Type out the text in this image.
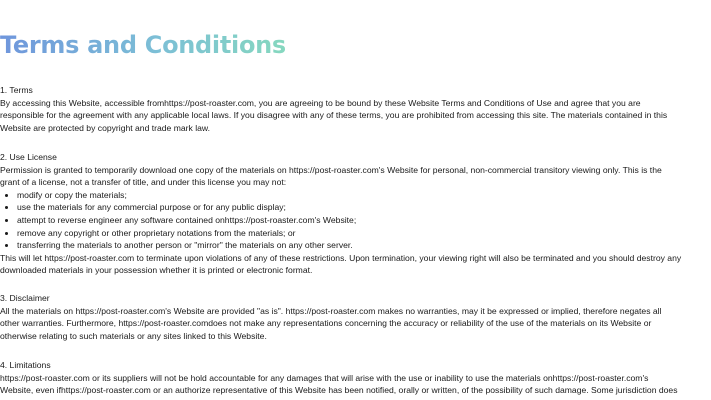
Terms and Conditions

1. Terms

By accessing this Website, accessible fromhttps://post-roaster.com, you are agreeing to be bound by these Website Terms and Conditions of Use and agree that you are

responsible for the agreement with any applicable local laws. If you disagree with any of these terms, you are prohibited from accessing this site. The materials contained in this

Website are protected by copyright and trade mark law.

2. Use License

Permission is granted to temporarily download one copy of the materials on https://post-roaster.com's Website for personal, non-commercial transitory viewing only. This is the

grant of a license, not a transfer of title, and under this license you may not:

• modify or copy the materials;
• use the materials for any commercial purpose or for any public display;
• attempt to reverse engineer any software contained onhttps://post-roaster.com's Website;
• remove any copyright or other proprietary notations from the materials; or
• transferring the materials to another person or "mirror" the materials on any other server.

This will let https://post-roaster.com to terminate upon violations of any of these restrictions. Upon termination, your viewing right will also be terminated and you should destroy any

downloaded materials in your possession whether it is printed or electronic format.

3. Disclaimer

All the materials on https://post-roaster.com's Website are provided "as is". https://post-roaster.com makes no warranties, may it be expressed or implied, therefore negates all

other warranties. Furthermore, https://post-roaster.comdoes not make any representations concerning the accuracy or reliability of the use of the materials on its Website or

otherwise relating to such materials or any sites linked to this Website.

4. Limitations

https://post-roaster.com or its suppliers will not be hold accountable for any damages that will arise with the use or inability to use the materials onhttps://post-roaster.com's

Website, even ifhttps://post-roaster.com or an authorize representative of this Website has been notified, orally or written, of the possibility of such damage. Some jurisdiction does
